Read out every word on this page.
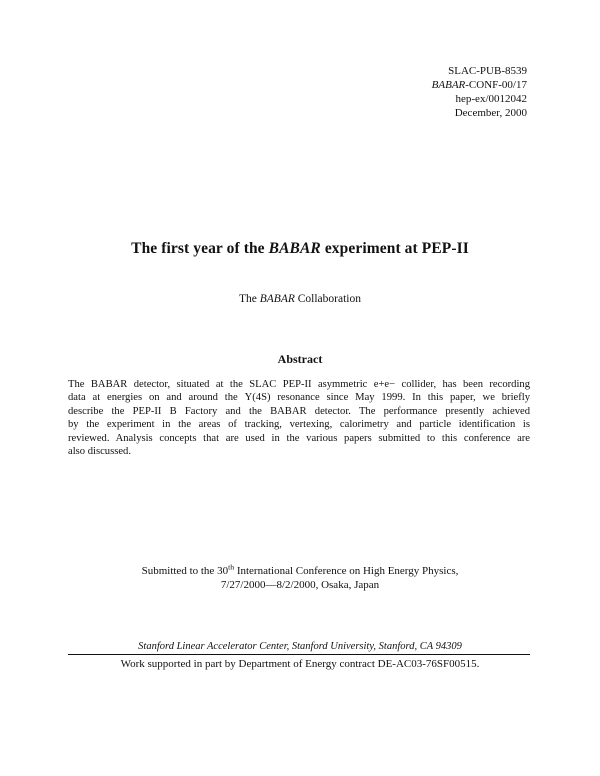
SLAC-PUB-8539
BABAR-CONF-00/17
hep-ex/0012042
December, 2000
The first year of the BABAR experiment at PEP-II
The BABAR Collaboration
Abstract
The BABAR detector, situated at the SLAC PEP-II asymmetric e+e− collider, has been recording
data at energies on and around the Υ(4S) resonance since May 1999. In this paper, we briefly
describe the PEP-II B Factory and the BABAR detector. The performance presently achieved
by the experiment in the areas of tracking, vertexing, calorimetry and particle identification is
reviewed. Analysis concepts that are used in the various papers submitted to this conference are
also discussed.
Submitted to the 30th International Conference on High Energy Physics,
7/27/2000—8/2/2000, Osaka, Japan
Stanford Linear Accelerator Center, Stanford University, Stanford, CA 94309
Work supported in part by Department of Energy contract DE-AC03-76SF00515.
